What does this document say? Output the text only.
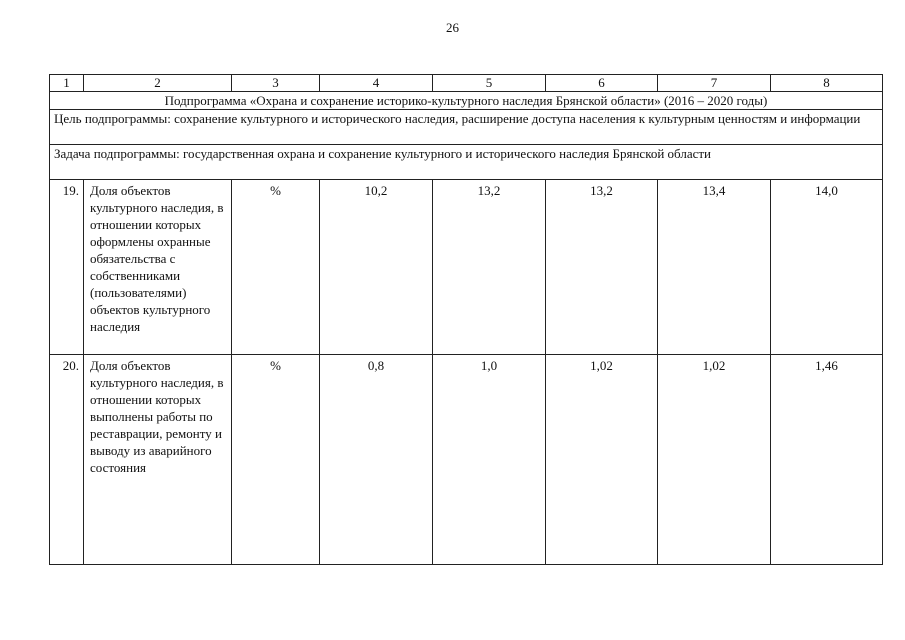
26
1	2	3	4	5	6	7	8
Подпрограмма «Охрана и сохранение историко-культурного наследия Брянской области» (2016 – 2020 годы)							
Цель подпрограммы: сохранение культурного и исторического наследия, расширение доступа населения к культурным ценностям и информации							
Задача подпрограммы: государственная охрана и сохранение культурного и исторического наследия Брянской области							
19.	Доля объектов культурного наследия, в отношении которых оформлены охранные обязательства с собственниками (пользователями) объектов культурного наследия	%	10,2	13,2	13,2	13,4	14,0
20.	Доля объектов культурного наследия, в отношении которых выполнены работы по реставрации, ремонту и выводу из аварийного состояния	%	0,8	1,0	1,02	1,02	1,46
